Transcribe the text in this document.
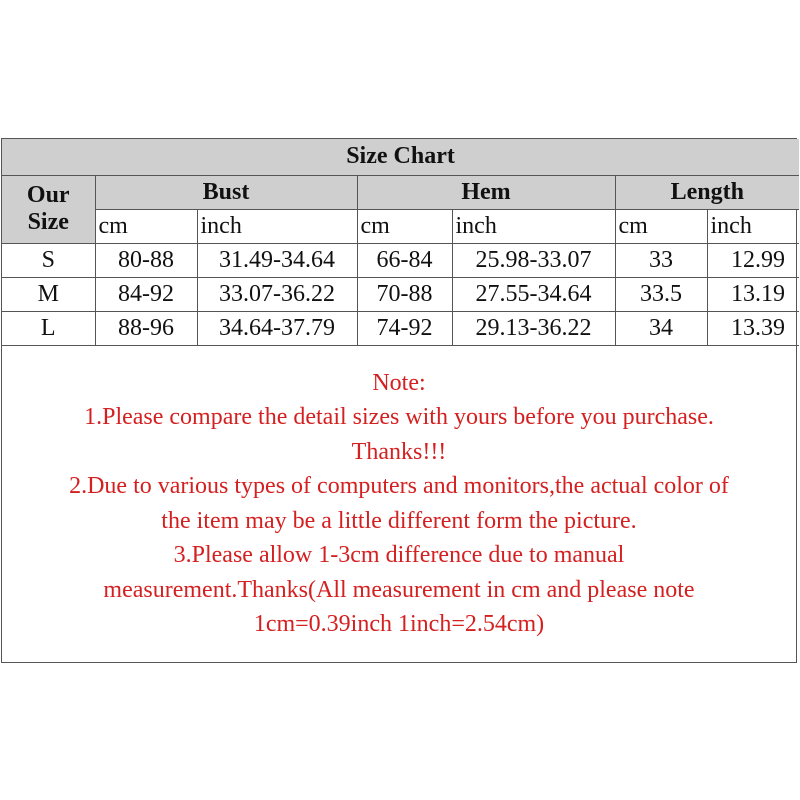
Size Chart						

Our
Size	Bust		Hem		Length	
	cm	inch	cm	inch	cm	inch
S	80-88	31.49-34.64	66-84	25.98-33.07	33	12.99
M	84-92	33.07-36.22	70-88	27.55-34.64	33.5	13.19
L	88-96	34.64-37.79	74-92	29.13-36.22	34	13.39
Note:
1.Please compare the detail sizes with yours before you purchase.
Thanks!!!
2.Due to various types of computers and monitors,the actual color of
the item may be a little different form the picture.
3.Please allow 1-3cm difference due to manual
measurement.Thanks(All measurement in cm and please note
1cm=0.39inch 1inch=2.54cm)
